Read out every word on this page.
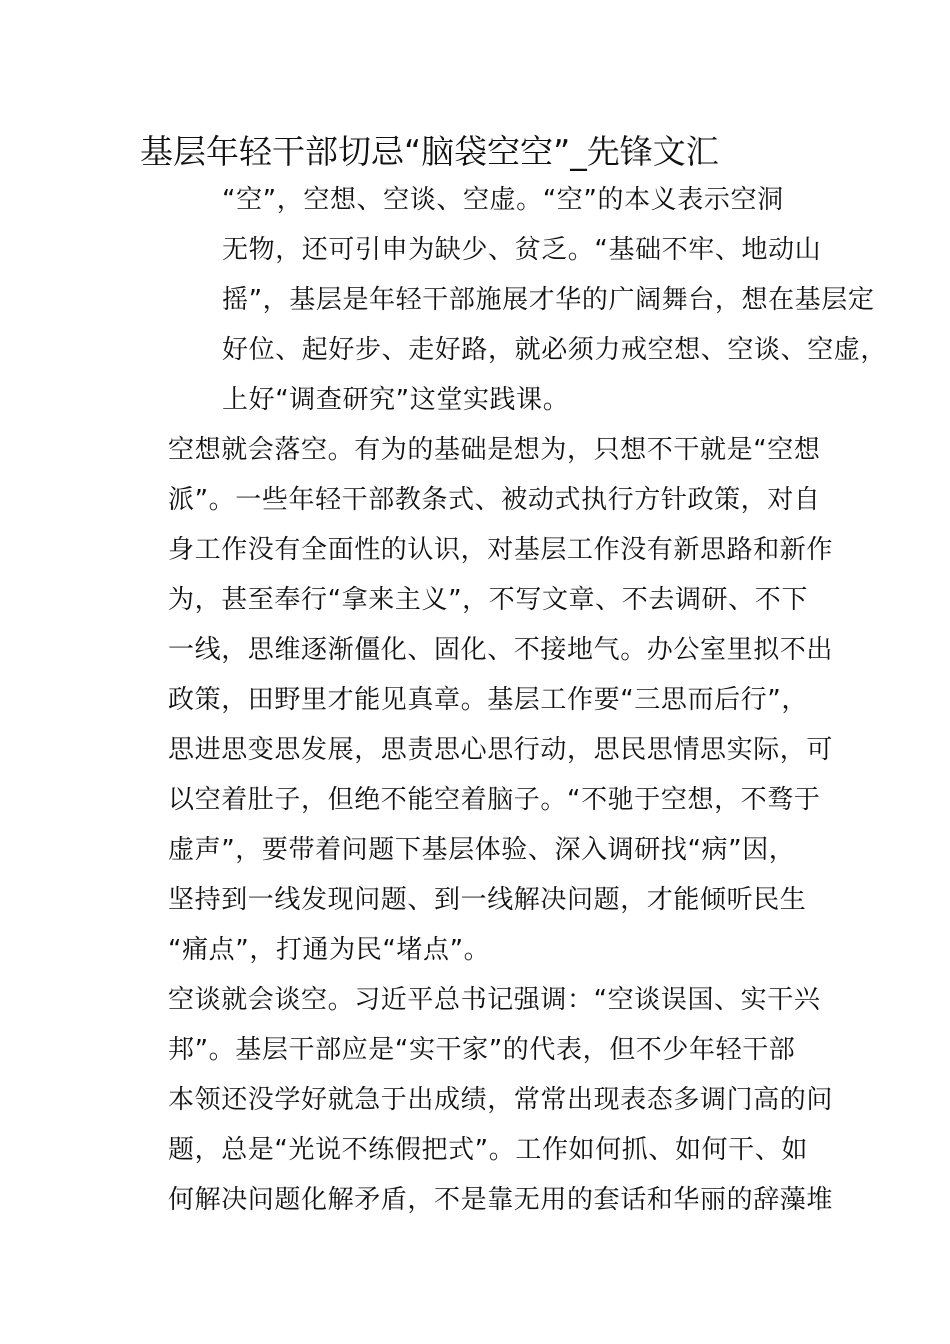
基层年轻干部切忌“脑袋空空”_先锋文汇

“空”，空想、空谈、空虚。“空”的本义表示空洞
无物，还可引申为缺少、贫乏。“基础不牢、地动山
摇”，基层是年轻干部施展才华的广阔舞台，想在基层定
好位、起好步、走好路，就必须力戒空想、空谈、空虚，
上好“调查研究”这堂实践课。

空想就会落空。有为的基础是想为，只想不干就是“空想
派”。一些年轻干部教条式、被动式执行方针政策，对自
身工作没有全面性的认识，对基层工作没有新思路和新作
为，甚至奉行“拿来主义”，不写文章、不去调研、不下
一线，思维逐渐僵化、固化、不接地气。办公室里拟不出
政策，田野里才能见真章。基层工作要“三思而后行”，
思进思变思发展，思责思心思行动，思民思情思实际，可
以空着肚子，但绝不能空着脑子。“不驰于空想，不骛于
虚声”，要带着问题下基层体验、深入调研找“病”因，
坚持到一线发现问题、到一线解决问题，才能倾听民生
“痛点”，打通为民“堵点”。

空谈就会谈空。习近平总书记强调：“空谈误国、实干兴
邦”。基层干部应是“实干家”的代表，但不少年轻干部
本领还没学好就急于出成绩，常常出现表态多调门高的问
题，总是“光说不练假把式”。工作如何抓、如何干、如
何解决问题化解矛盾，不是靠无用的套话和华丽的辞藻堆
